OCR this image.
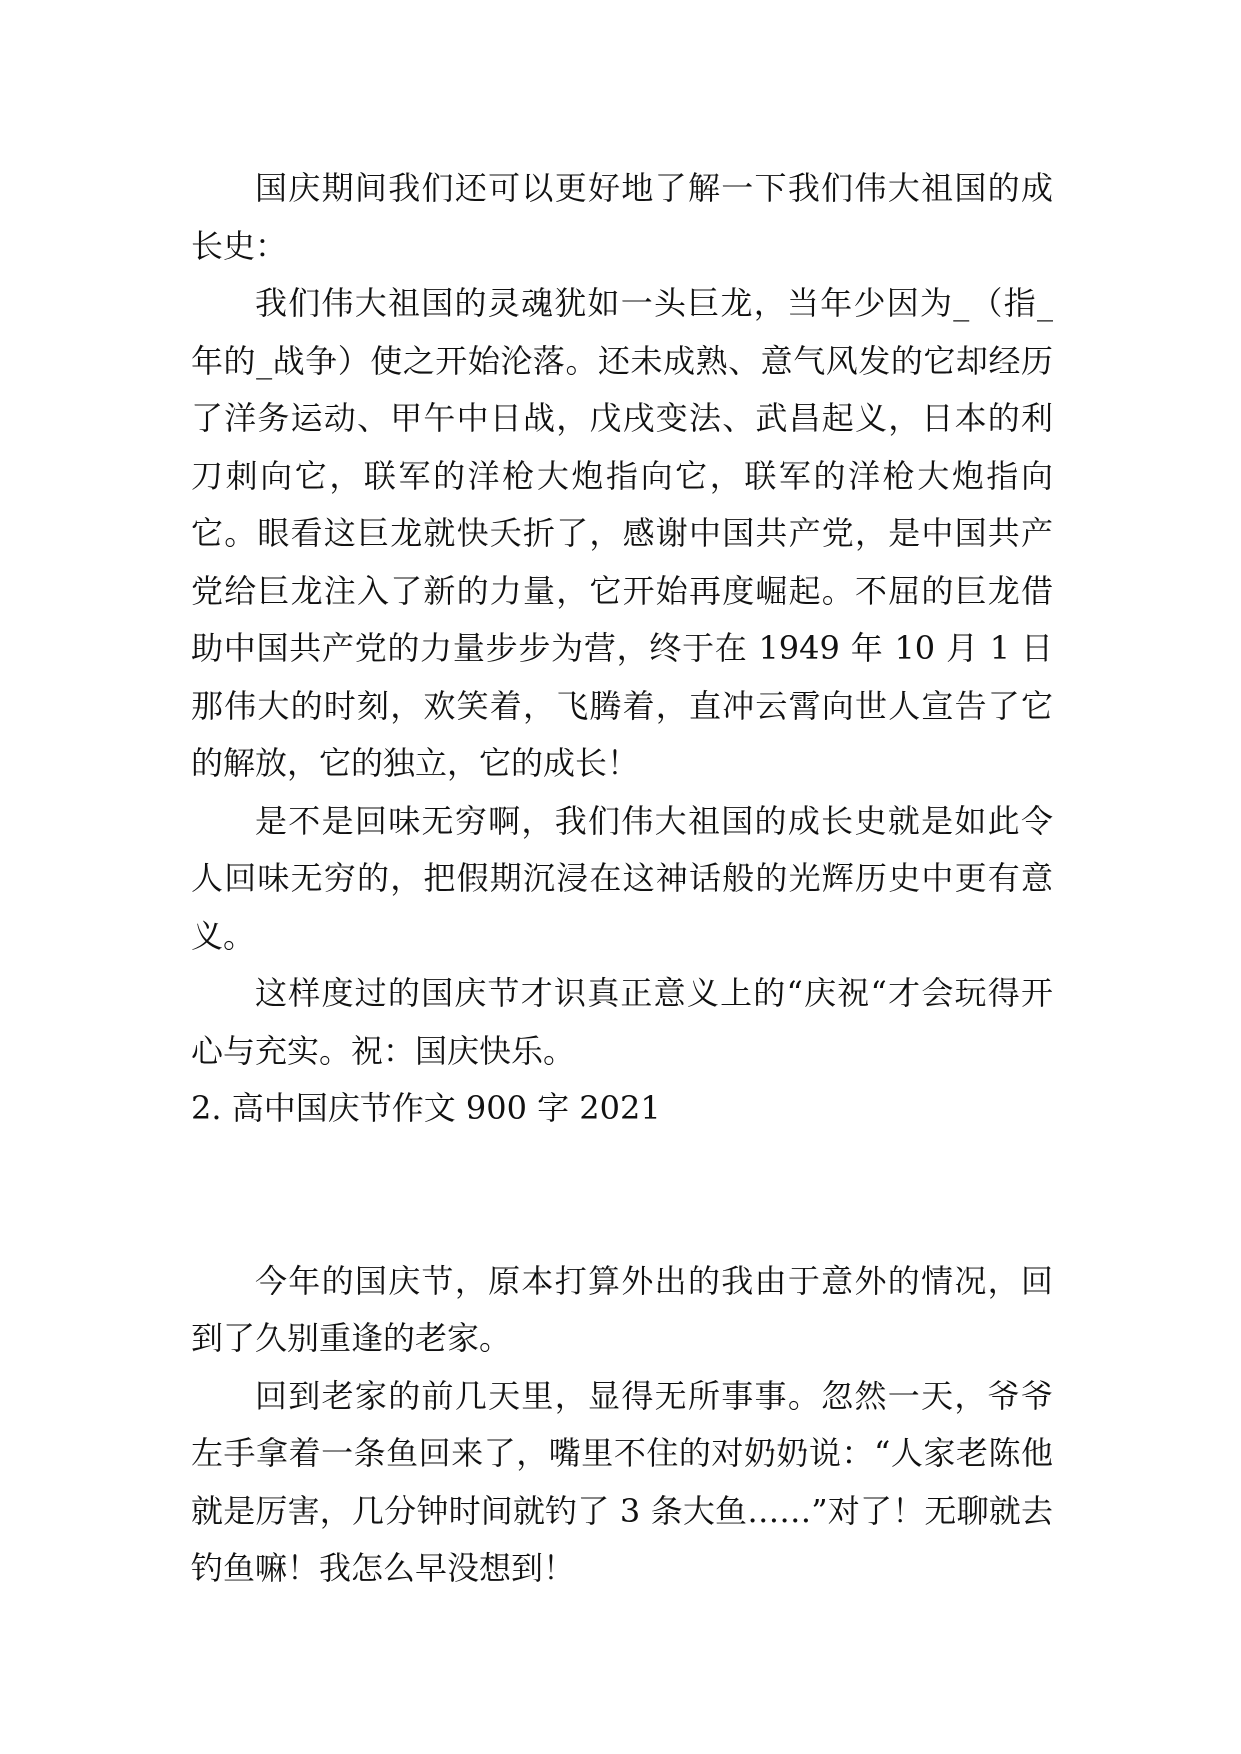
国庆期间我们还可以更好地了解一下我们伟大祖国的成长史：

我们伟大祖国的灵魂犹如一头巨龙，当年少因为_（指_年的_战争）使之开始沦落。还未成熟、意气风发的它却经历了洋务运动、甲午中日战，戊戌变法、武昌起义，日本的利刀刺向它，联军的洋枪大炮指向它，联军的洋枪大炮指向它。眼看这巨龙就快夭折了，感谢中国共产党，是中国共产党给巨龙注入了新的力量，它开始再度崛起。不屈的巨龙借助中国共产党的力量步步为营，终于在 1949 年 10 月 1 日那伟大的时刻，欢笑着，飞腾着，直冲云霄向世人宣告了它的解放，它的独立，它的成长！

是不是回味无穷啊，我们伟大祖国的成长史就是如此令人回味无穷的，把假期沉浸在这神话般的光辉历史中更有意义。

这样度过的国庆节才识真正意义上的“庆祝“才会玩得开心与充实。祝：国庆快乐。

2. 高中国庆节作文 900 字 2021

今年的国庆节，原本打算外出的我由于意外的情况，回到了久别重逢的老家。

回到老家的前几天里，显得无所事事。忽然一天，爷爷左手拿着一条鱼回来了，嘴里不住的对奶奶说：“人家老陈他就是厉害，几分钟时间就钓了 3 条大鱼……”对了！无聊就去钓鱼嘛！我怎么早没想到！
